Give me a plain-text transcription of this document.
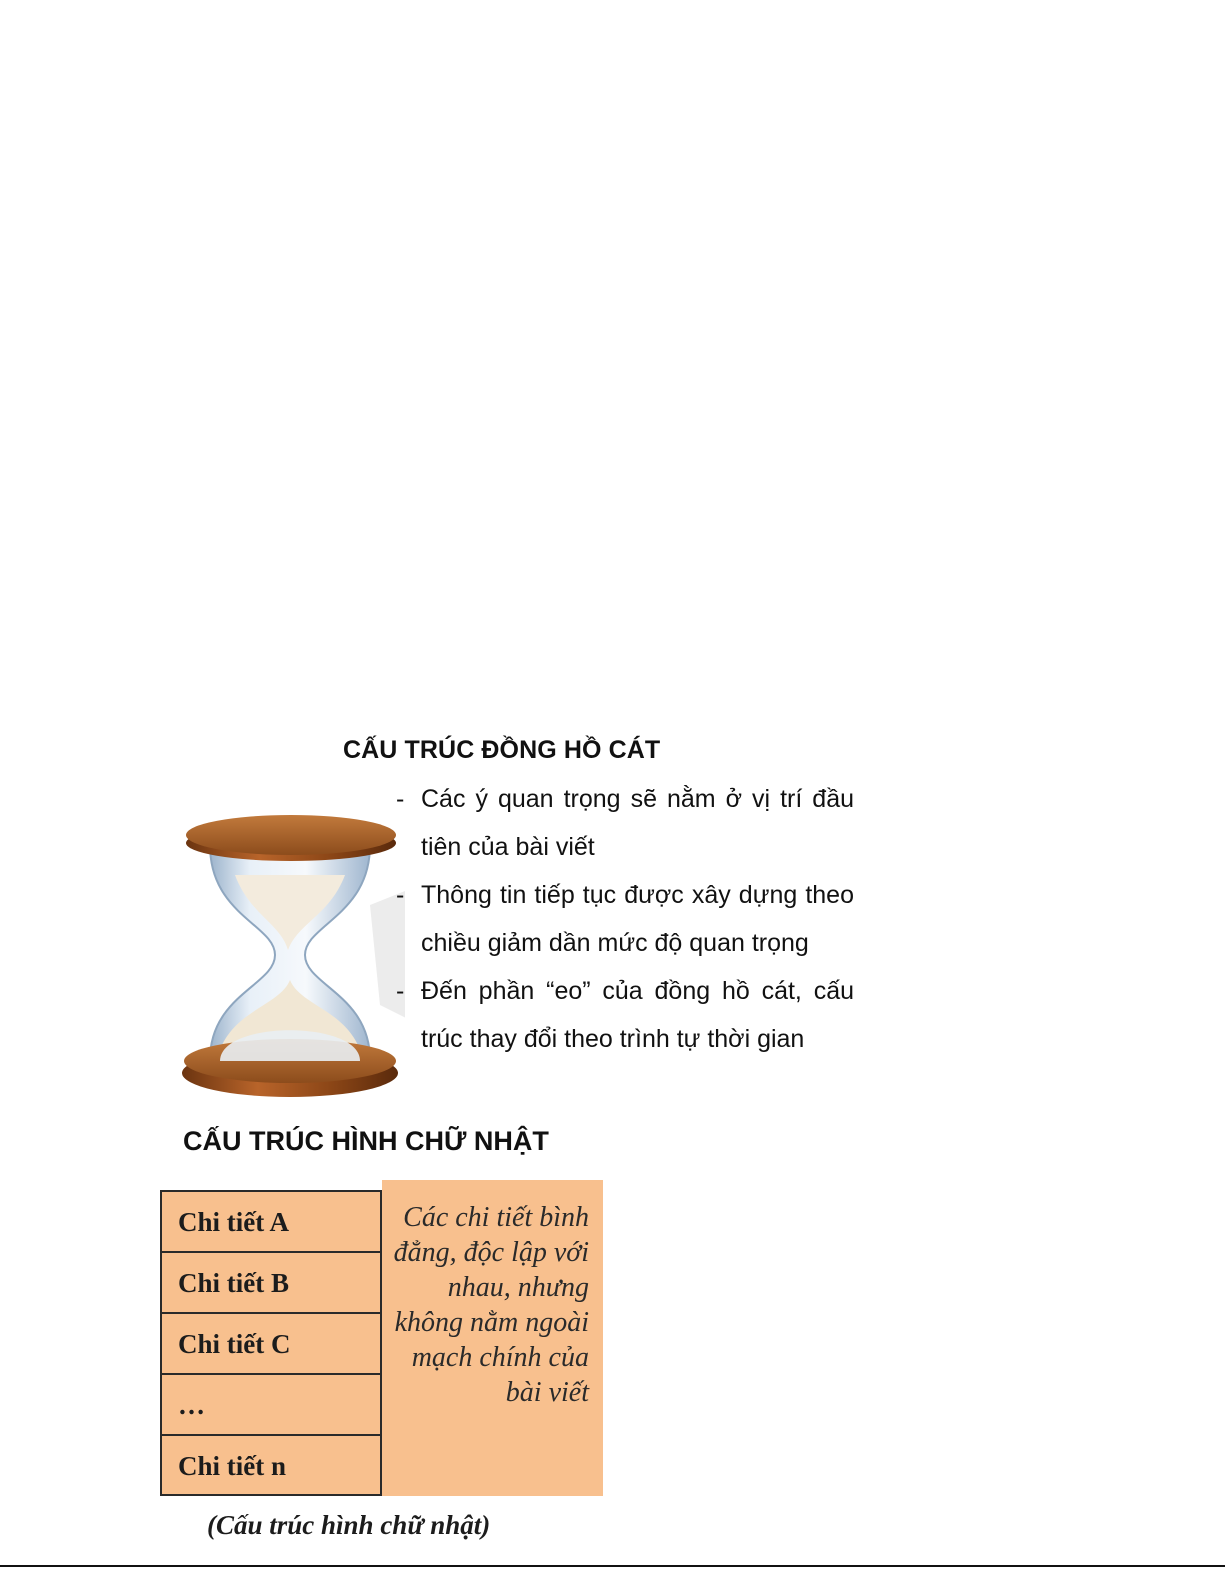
CẤU TRÚC ĐỒNG HỒ CÁT
- Các ý quan trọng sẽ nằm ở vị trí đầu tiên của bài viết
- Thông tin tiếp tục được xây dựng theo chiều giảm dần mức độ quan trọng
- Đến phần “eo” của đồng hồ cát, cấu trúc thay đổi theo trình tự thời gian
CẤU TRÚC HÌNH CHỮ NHẬT
Chi tiết A
Chi tiết B
Chi tiết C
…
Chi tiết n
Các chi tiết bình đẳng, độc lập với nhau, nhưng không nằm ngoài mạch chính của bài viết
(Cấu trúc hình chữ nhật)
